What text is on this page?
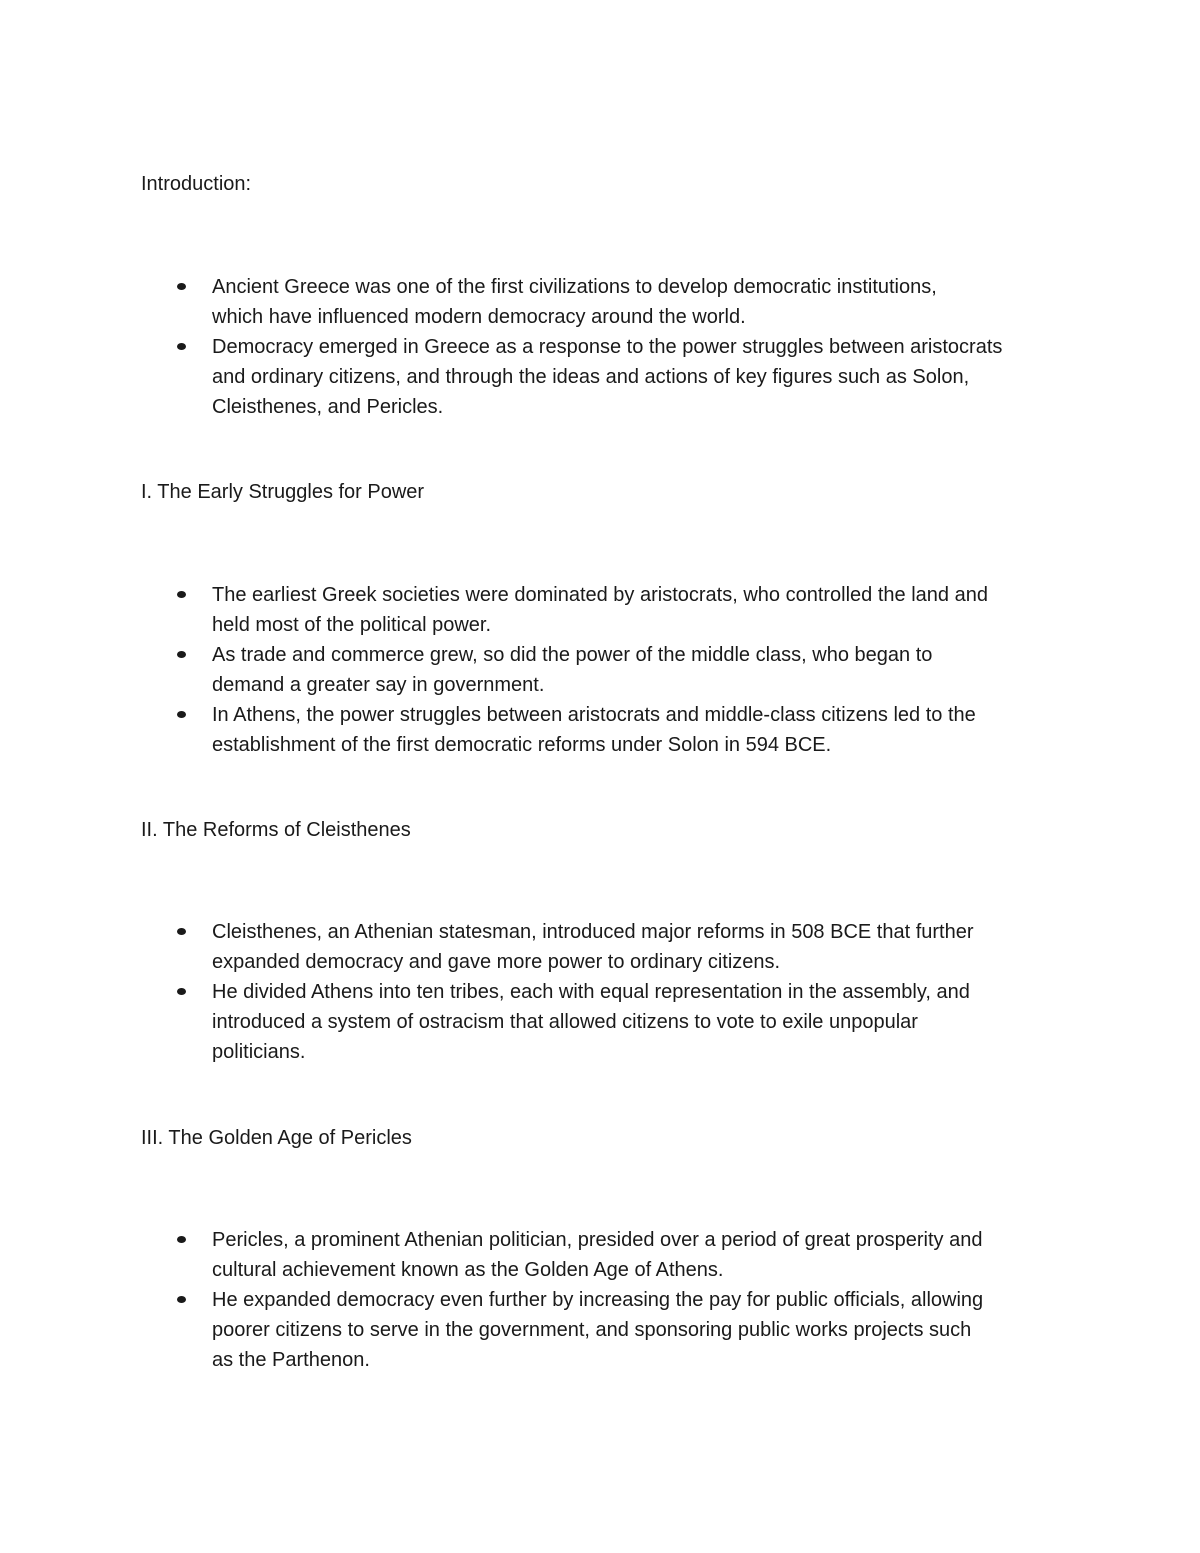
Introduction:
Ancient Greece was one of the first civilizations to develop democratic institutions,
which have influenced modern democracy around the world.
Democracy emerged in Greece as a response to the power struggles between aristocrats
and ordinary citizens, and through the ideas and actions of key figures such as Solon,
Cleisthenes, and Pericles.
I. The Early Struggles for Power
The earliest Greek societies were dominated by aristocrats, who controlled the land and
held most of the political power.
As trade and commerce grew, so did the power of the middle class, who began to
demand a greater say in government.
In Athens, the power struggles between aristocrats and middle-class citizens led to the
establishment of the first democratic reforms under Solon in 594 BCE.
II. The Reforms of Cleisthenes
Cleisthenes, an Athenian statesman, introduced major reforms in 508 BCE that further
expanded democracy and gave more power to ordinary citizens.
He divided Athens into ten tribes, each with equal representation in the assembly, and
introduced a system of ostracism that allowed citizens to vote to exile unpopular
politicians.
III. The Golden Age of Pericles
Pericles, a prominent Athenian politician, presided over a period of great prosperity and
cultural achievement known as the Golden Age of Athens.
He expanded democracy even further by increasing the pay for public officials, allowing
poorer citizens to serve in the government, and sponsoring public works projects such
as the Parthenon.
